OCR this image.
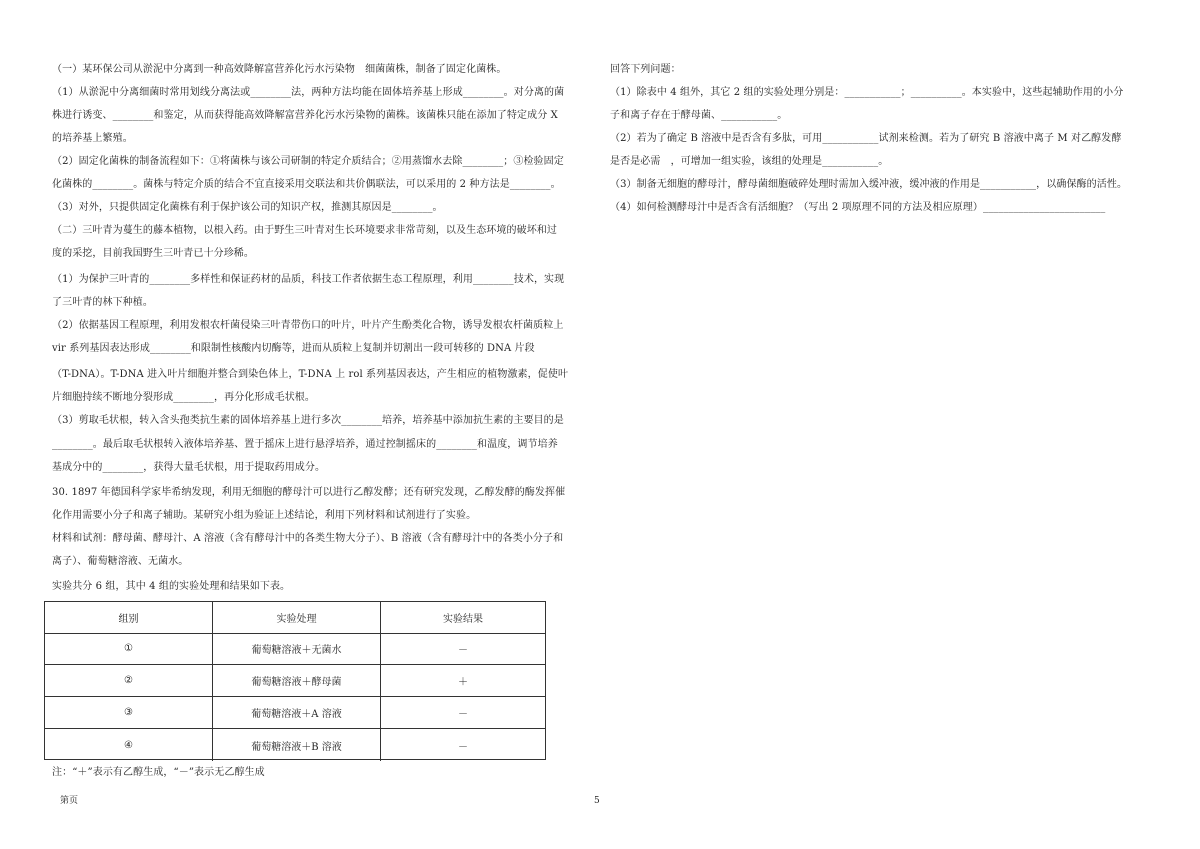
（一）某环保公司从淤泥中分离到一种高效降解富营养化污水污染物　细菌菌株，制备了固定化菌株。
（1）从淤泥中分离细菌时常用划线分离法或________法，两种方法均能在固体培养基上形成________。对分离的菌
株进行诱变、________和鉴定，从而获得能高效降解富营养化污水污染物的菌株。该菌株只能在添加了特定成分 X
的培养基上繁殖。
（2）固定化菌株的制备流程如下：①将菌株与该公司研制的特定介质结合；②用蒸馏水去除________；③检验固定
化菌株的________。菌株与特定介质的结合不宜直接采用交联法和共价偶联法，可以采用的 2 种方法是________。
（3）对外，只提供固定化菌株有利于保护该公司的知识产权，推测其原因是________。
（二）三叶青为蔓生的藤本植物，以根入药。由于野生三叶青对生长环境要求非常苛刻，以及生态环境的破坏和过
度的采挖，目前我国野生三叶青已十分珍稀。
（1）为保护三叶青的________多样性和保证药材的品质，科技工作者依据生态工程原理，利用________技术，实现
了三叶青的林下种植。
（2）依据基因工程原理，利用发根农杆菌侵染三叶青带伤口的叶片，叶片产生酚类化合物，诱导发根农杆菌质粒上
vir 系列基因表达形成________和限制性核酸内切酶等，进而从质粒上复制并切割出一段可转移的 DNA 片段
（T-DNA）。T-DNA 进入叶片细胞并整合到染色体上，T-DNA 上 rol 系列基因表达，产生相应的植物激素，促使叶
片细胞持续不断地分裂形成________，再分化形成毛状根。
（3）剪取毛状根，转入含头孢类抗生素的固体培养基上进行多次________培养，培养基中添加抗生素的主要目的是
________。最后取毛状根转入液体培养基、置于摇床上进行悬浮培养，通过控制摇床的________和温度，调节培养
基成分中的________，获得大量毛状根，用于提取药用成分。
30. 1897 年德国科学家毕希纳发现，利用无细胞的酵母汁可以进行乙醇发酵；还有研究发现，乙醇发酵的酶发挥催
化作用需要小分子和离子辅助。某研究小组为验证上述结论，利用下列材料和试剂进行了实验。
材料和试剂：酵母菌、酵母汁、A 溶液（含有酵母汁中的各类生物大分子）、B 溶液（含有酵母汁中的各类小分子和
离子）、葡萄糖溶液、无菌水。
实验共分 6 组，其中 4 组的实验处理和结果如下表。
组别	实验处理	实验结果
①	葡萄糖溶液＋无菌水	－
②	葡萄糖溶液＋酵母菌	＋
③	葡萄糖溶液＋A 溶液	－
④	葡萄糖溶液＋B 溶液	－
注：“＋”表示有乙醇生成，“－”表示无乙醇生成
回答下列问题：
（1）除表中 4 组外，其它 2 组的实验处理分别是：___________；__________。本实验中，这些起辅助作用的小分
子和离子存在于酵母菌、___________。
（2）若为了确定 B 溶液中是否含有多肽，可用___________试剂来检测。若为了研究 B 溶液中离子 M 对乙醇发酵
是否是必需　，可增加一组实验，该组的处理是___________。
（3）制备无细胞的酵母汁，酵母菌细胞破碎处理时需加入缓冲液，缓冲液的作用是___________，以确保酶的活性。
（4）如何检测酵母汁中是否含有活细胞？（写出 2 项原理不同的方法及相应原理）________________________
第页	5
